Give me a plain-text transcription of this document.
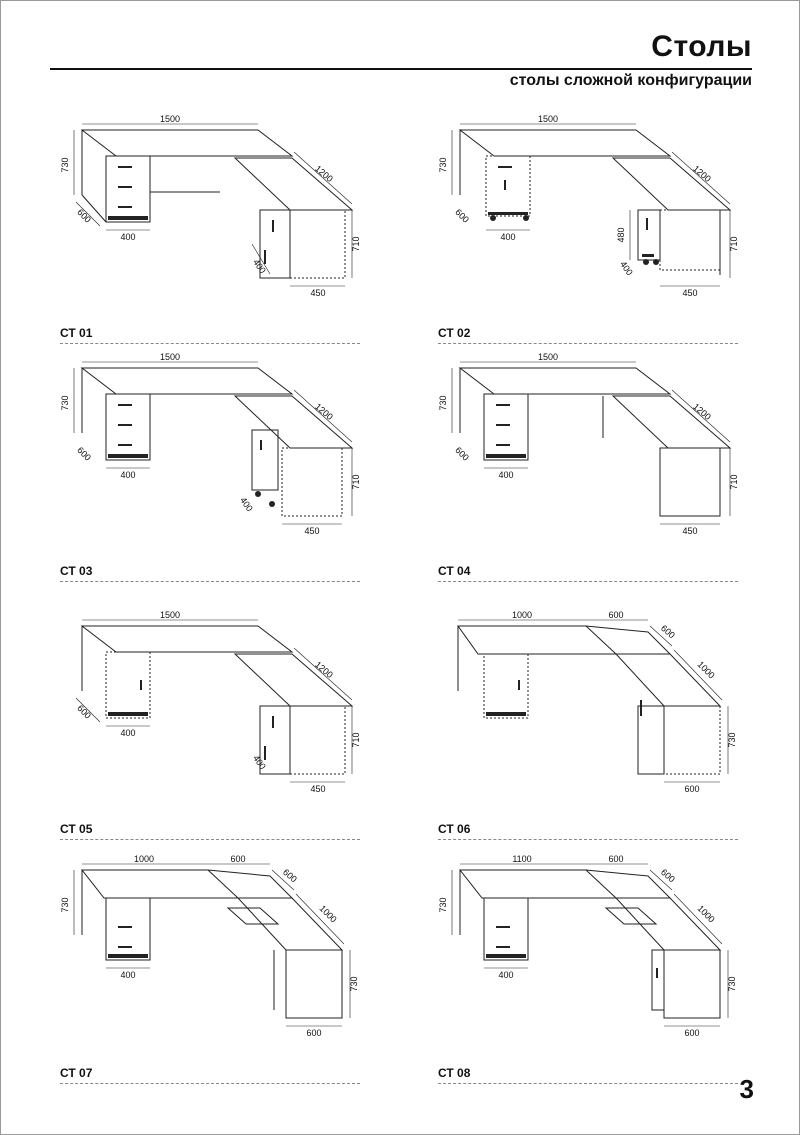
Столы
столы сложной конфигурации
1500
730
600
400
1200
710
450
400
СТ 01
1500
730
600
400
1200
710
450
480
400
СТ 02
1500
730
600
400
1200
710
450
400
СТ 03
1500
730
600
400
1200
710
450
СТ 04
1500
600
400
1200
710
450
400
СТ 05
1000	600
600
1000
730
600
СТ 06
1000	600
600
730
400
1000
730
600
СТ 07
1100	600
600
730
400
1000
730
600
СТ 08
3
